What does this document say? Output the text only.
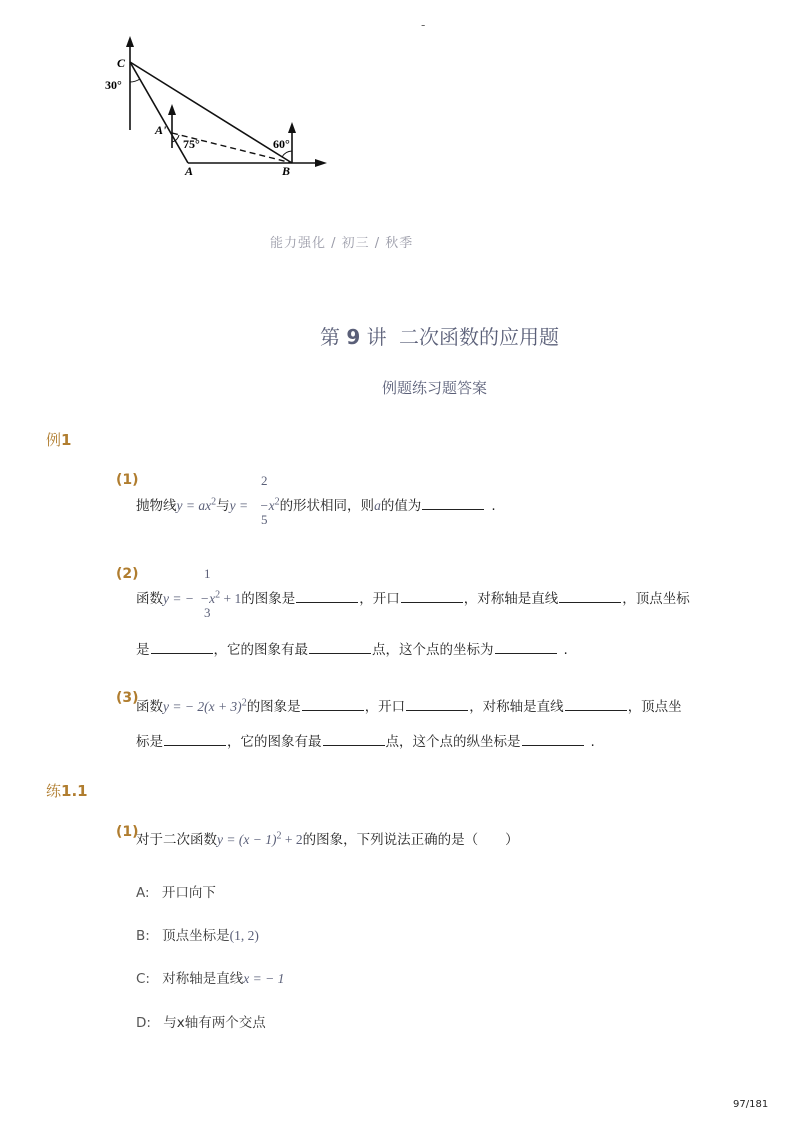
-
C
30°
A'
75°
A
60°
B
能力强化 / 初三 / 秋季
第 9 讲 二次函数的应用题
例题练习题答案
例1
(1)
抛物线$y = ax^2$与$y = -x^2$的形状相同，则a的值为	.
2
5
(2)	1
3
函数y = − $-x^2 + 1$的图象是	，开口	，对称轴是直线	，顶点坐标
是	，它的图象有最	点，这个点的坐标为	.
(3)
函数y = − $2(x + 3)^2$的图象是	，开口	，对称轴是直线	，顶点坐
标是	，它的图象有最	点，这个点的纵坐标是	.
练1.1
(1)
对于二次函数$y = (x - 1)^2 + 2$的图象，下列说法正确的是（　　）
A: 开口向下
B: 顶点坐标是(1, 2)
C: 对称轴是直线x = − 1
D: 与x轴有两个交点
97/181
